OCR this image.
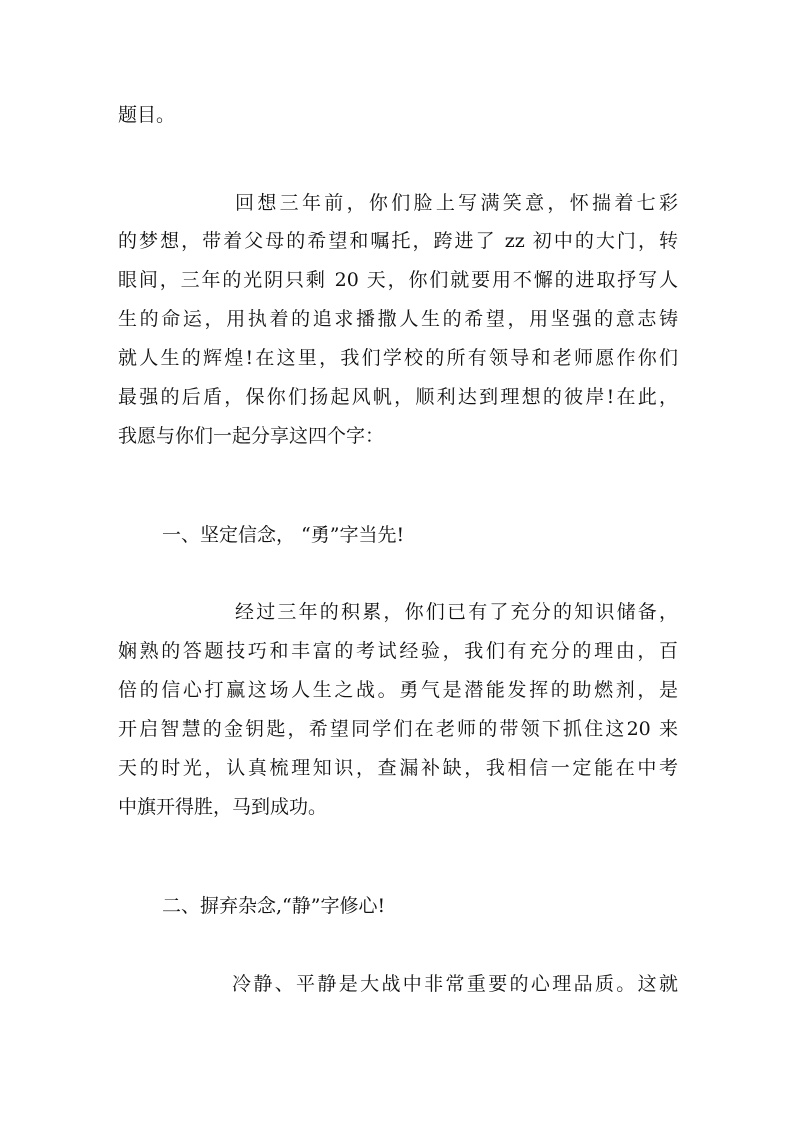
题目。
回想三年前，你们脸上写满笑意，怀揣着七彩
的梦想，带着父母的希望和嘱托，跨进了 zz 初中的大门，转
眼间，三年的光阴只剩 20 天，你们就要用不懈的进取抒写人
生的命运，用执着的追求播撒人生的希望，用坚强的意志铸
就人生的辉煌!在这里，我们学校的所有领导和老师愿作你们
最强的后盾，保你们扬起风帆，顺利达到理想的彼岸!在此，
我愿与你们一起分享这四个字：
一、坚定信念， “勇”字当先!
经过三年的积累，你们已有了充分的知识储备，
娴熟的答题技巧和丰富的考试经验，我们有充分的理由，百
倍的信心打赢这场人生之战。勇气是潜能发挥的助燃剂，是
开启智慧的金钥匙，希望同学们在老师的带领下抓住这20 来
天的时光，认真梳理知识，查漏补缺，我相信一定能在中考
中旗开得胜，马到成功。
二、摒弃杂念,“静”字修心!
冷静、平静是大战中非常重要的心理品质。这就
